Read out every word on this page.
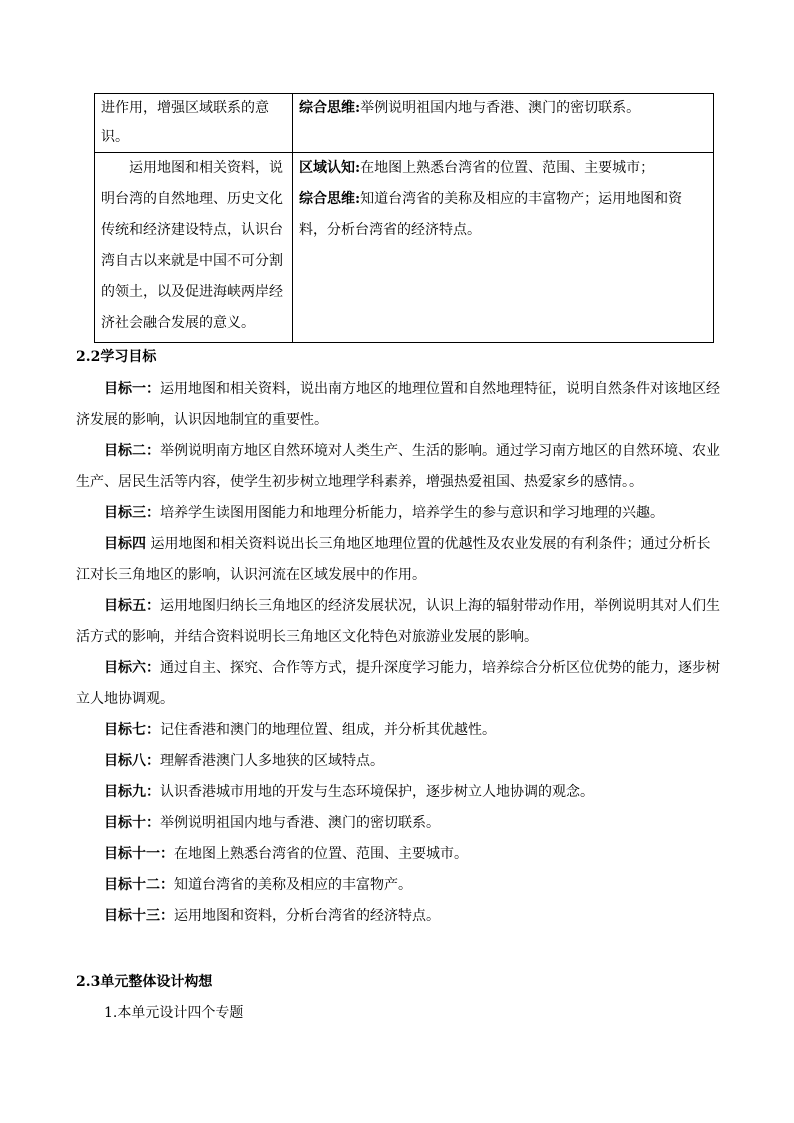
进作用，增强区域联系的意识。	综合思维:举例说明祖国内地与香港、澳门的密切联系。

运用地图和相关资料，说明台湾的自然地理、历史文化传统和经济建设特点，认识台湾自古以来就是中国不可分割的领土，以及促进海峡两岸经济社会融合发展的意义。	区域认知:在地图上熟悉台湾省的位置、范围、主要城市；

综合思维:知道台湾省的美称及相应的丰富物产；运用地图和资料，分析台湾省的经济特点。

2.2学习目标

目标一：运用地图和相关资料，说出南方地区的地理位置和自然地理特征，说明自然条件对该地区经济发展的影响，认识因地制宜的重要性。

目标二：举例说明南方地区自然环境对人类生产、生活的影响。通过学习南方地区的自然环境、农业生产、居民生活等内容，使学生初步树立地理学科素养，增强热爱祖国、热爱家乡的感情。。

目标三：培养学生读图用图能力和地理分析能力，培养学生的参与意识和学习地理的兴趣。

目标四 运用地图和相关资料说出长三角地区地理位置的优越性及农业发展的有利条件；通过分析长江对长三角地区的影响，认识河流在区域发展中的作用。

目标五：运用地图归纳长三角地区的经济发展状况，认识上海的辐射带动作用，举例说明其对人们生活方式的影响，并结合资料说明长三角地区文化特色对旅游业发展的影响。

目标六：通过自主、探究、合作等方式，提升深度学习能力，培养综合分析区位优势的能力，逐步树立人地协调观。

目标七：记住香港和澳门的地理位置、组成，并分析其优越性。

目标八：理解香港澳门人多地狭的区域特点。

目标九：认识香港城市用地的开发与生态环境保护，逐步树立人地协调的观念。

目标十：举例说明祖国内地与香港、澳门的密切联系。

目标十一：在地图上熟悉台湾省的位置、范围、主要城市。

目标十二：知道台湾省的美称及相应的丰富物产。

目标十三：运用地图和资料，分析台湾省的经济特点。

2.3单元整体设计构想

1.本单元设计四个专题
